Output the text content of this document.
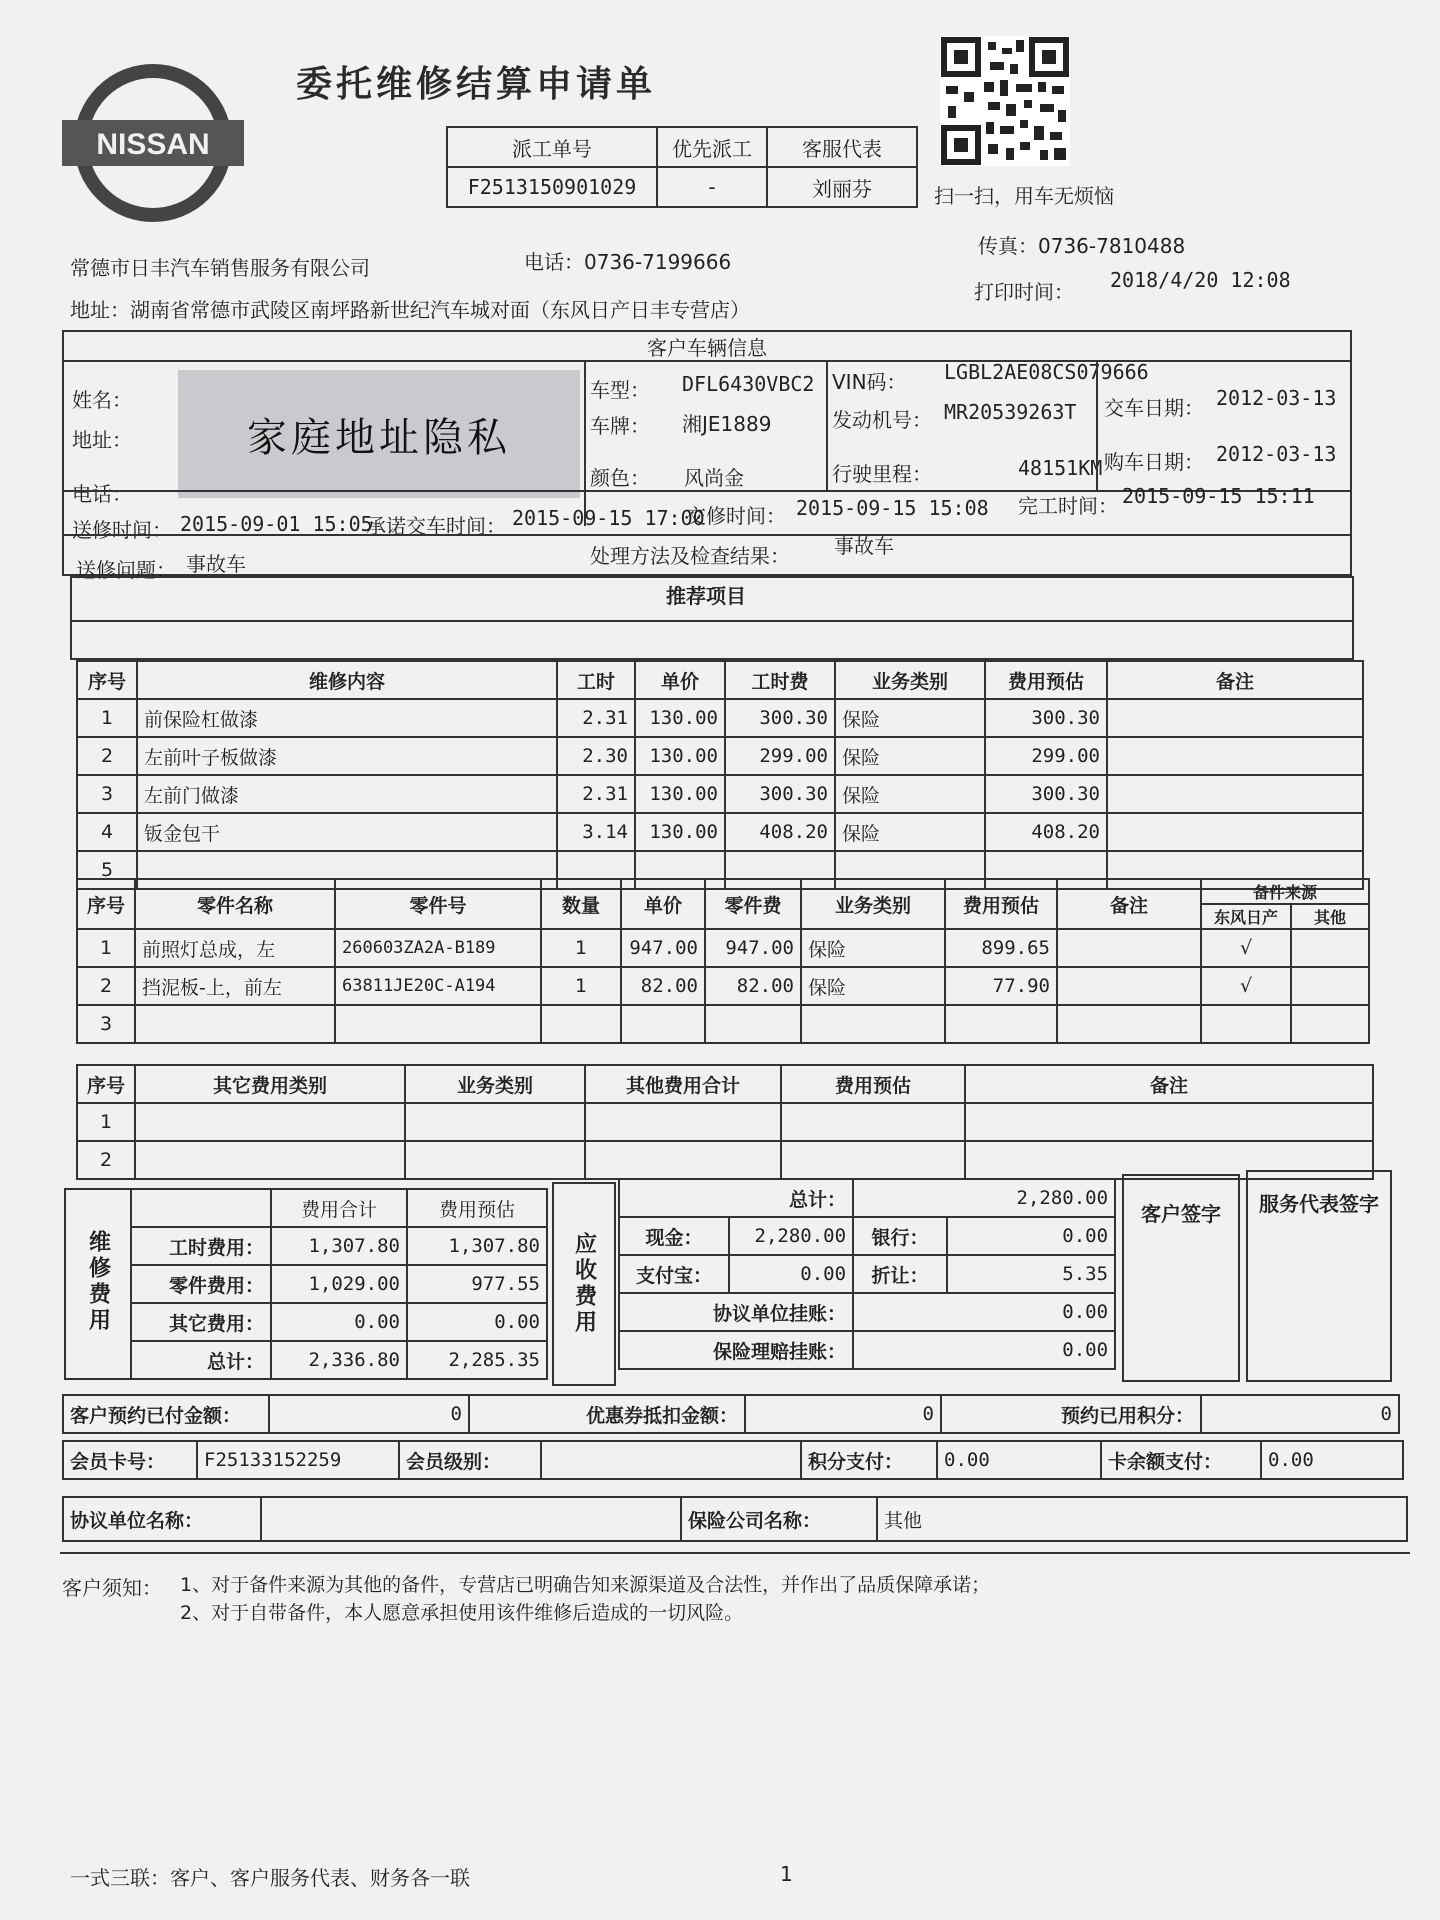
NISSAN
委托维修结算申请单
派工单号	优先派工	客服代表
F2513150901029	-	刘丽芬	扫一扫，用车无烦恼
常德市日丰汽车销售服务有限公司	电话：0736-7199666
传真：0736-7810488
地址：湖南省常德市武陵区南坪路新世纪汽车城对面（东风日产日丰专营店）
打印时间： 2018/4/20 12:08
客户车辆信息
姓名：
地址：
电话：
家庭地址隐私
车型： DFL6430VBC2
车牌： 湘JE1889
颜色： 风尚金
VIN码： LGBL2AE08CS079666
发动机号： MR20539263T
行驶里程：	48151KM
交车日期： 2012-03-13
购车日期： 2012-03-13
送修时间： 2015-09-01 15:05
承诺交车时间： 2015-09-15 17:00
交修时间： 2015-09-15 15:08 完工时间： 2015-09-15 15:11
送修问题： 事故车	处理方法及检查结果： 事故车
推荐项目
序号	维修内容	工时	单价	工时费	业务类别	费用预估	备注
1	前保险杠做漆	2.31	130.00	300.30	保险	300.30	
2	左前叶子板做漆	2.30	130.00	299.00	保险	299.00	
3	左前门做漆	2.31	130.00	300.30	保险	300.30	
4	钣金包干	3.14	130.00	408.20	保险	408.20	
5							
序号	零件名称	零件号	数量	单价	零件费	业务类别	费用预估	备注	备件来源	
									东风日产	其他
1	前照灯总成，左	260603ZA2A-B189	1	947.00	947.00	保险	899.65		√	
2	挡泥板-上，前左	63811JE20C-A194	1	82.00	82.00	保险	77.90		√	
3										
序号	其它费用类别	业务类别	其他费用合计	费用预估	备注
1					
2					
维修费用		费用合计	费用预估
	工时费用：	1,307.80	1,307.80
	零件费用：	1,029.00	977.55
	其它费用：	0.00	0.00
	总计：	2,336.80	2,285.35
应收费用
总计：		2,280.00	
现金：	2,280.00	银行：	0.00
支付宝：	0.00	折让：	5.35
协议单位挂账：		0.00	
保险理赔挂账：		0.00	
客户签字	服务代表签字
客户预约已付金额：	0	优惠券抵扣金额：	0	预约已用积分：	0
会员卡号：	F25133152259	会员级别：		积分支付：	0.00	卡余额支付：	0.00
协议单位名称：		保险公司名称：	其他
客户须知： 1、对于备件来源为其他的备件，专营店已明确告知来源渠道及合法性，并作出了品质保障承诺；
2、对于自带备件，本人愿意承担使用该件维修后造成的一切风险。
一式三联：客户、客户服务代表、财务各一联	1
